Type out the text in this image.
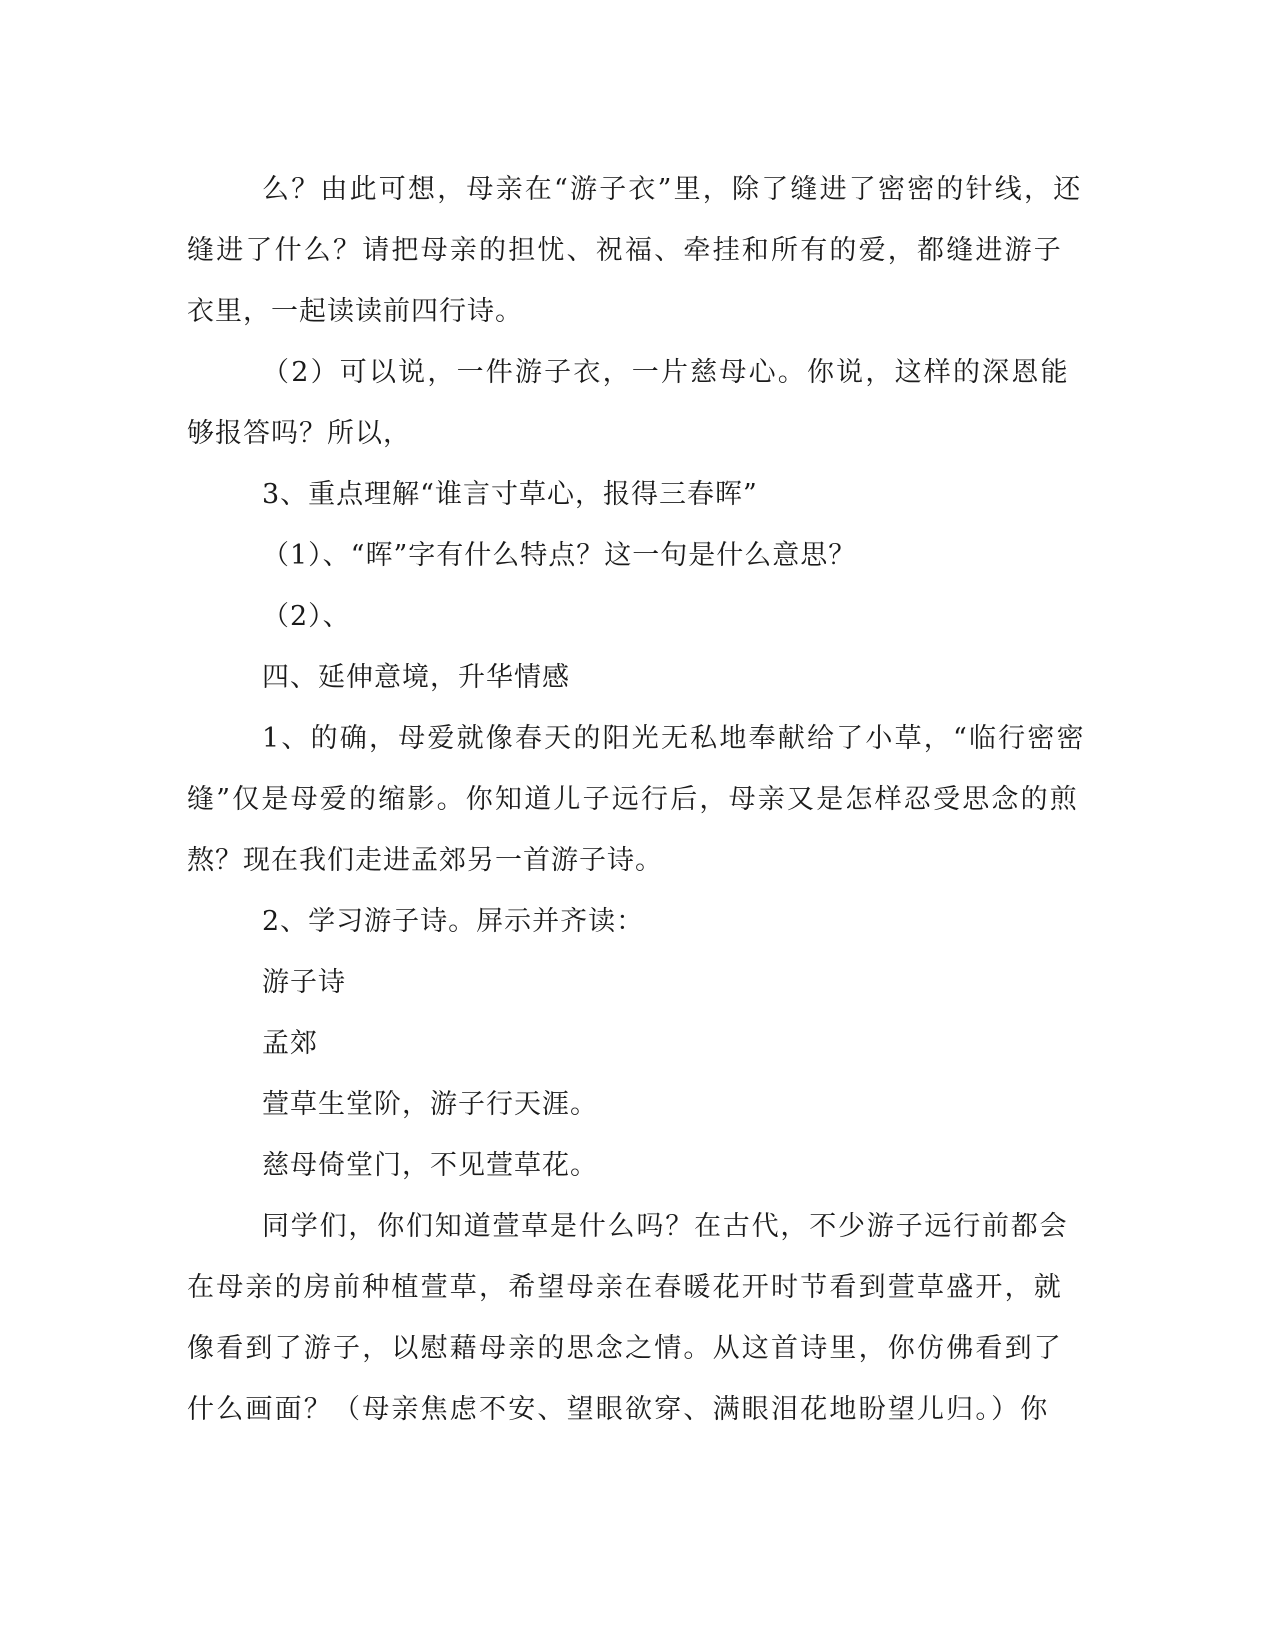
么？由此可想，母亲在“游子衣”里，除了缝进了密密的针线，还

缝进了什么？请把母亲的担忧、祝福、牵挂和所有的爱，都缝进游子

衣里，一起读读前四行诗。

（2）可以说，一件游子衣，一片慈母心。你说，这样的深恩能

够报答吗？所以，

3、重点理解“谁言寸草心，报得三春晖”

（1）、“晖”字有什么特点？这一句是什么意思？

（2）、

四、延伸意境，升华情感

1、的确，母爱就像春天的阳光无私地奉献给了小草，“临行密密

缝”仅是母爱的缩影。你知道儿子远行后，母亲又是怎样忍受思念的煎

熬？现在我们走进孟郊另一首游子诗。

2、学习游子诗。屏示并齐读：

游子诗

孟郊

萱草生堂阶，游子行天涯。

慈母倚堂门，不见萱草花。

同学们，你们知道萱草是什么吗？在古代，不少游子远行前都会

在母亲的房前种植萱草，希望母亲在春暖花开时节看到萱草盛开，就

像看到了游子，以慰藉母亲的思念之情。从这首诗里，你仿佛看到了

什么画面？（母亲焦虑不安、望眼欲穿、满眼泪花地盼望儿归。）你
